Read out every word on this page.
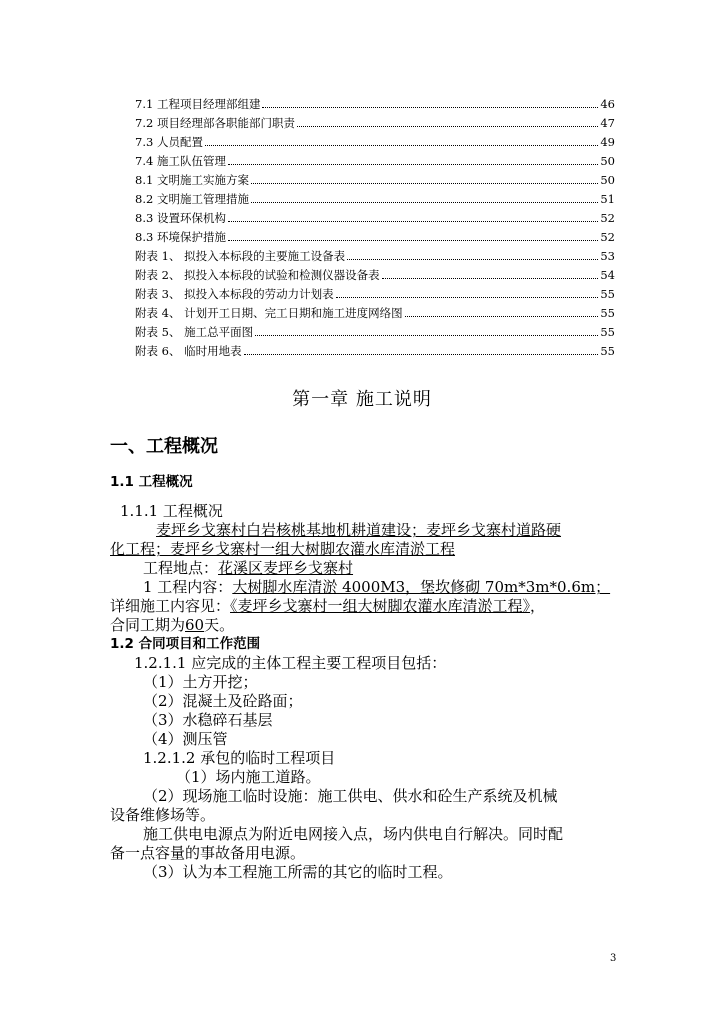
7.1 工程项目经理部组建	46
7.2 项目经理部各职能部门职责	47
7.3 人员配置	49
7.4 施工队伍管理	50
8.1 文明施工实施方案	50
8.2 文明施工管理措施	51
8.3 设置环保机构	52
8.3 环境保护措施	52
附表 1、 拟投入本标段的主要施工设备表	53
附表 2、 拟投入本标段的试验和检测仪器设备表	54
附表 3、 拟投入本标段的劳动力计划表	55
附表 4、 计划开工日期、完工日期和施工进度网络图	55
附表 5、 施工总平面图	55
附表 6、 临时用地表	55
第一章 施工说明
一、工程概况
1.1 工程概况

1.1.1 工程概况

麦坪乡戈寨村白岩核桃基地机耕道建设；麦坪乡戈寨村道路硬

化工程；麦坪乡戈寨村一组大树脚农灌水库清淤工程

工程地点：花溪区麦坪乡戈寨村

1 工程内容：大树脚水库清淤 4000M3，堡坎修砌 70m*3m*0.6m；

详细施工内容见：《麦坪乡戈寨村一组大树脚农灌水库清淤工程》，

合同工期为60天。

1.2 合同项目和工作范围

1.2.1.1 应完成的主体工程主要工程项目包括：

（1）土方开挖；

（2）混凝土及砼路面；

（3）水稳碎石基层

（4）测压管

1.2.1.2 承包的临时工程项目

（1）场内施工道路。

（2）现场施工临时设施：施工供电、供水和砼生产系统及机械

设备维修场等。

施工供电电源点为附近电网接入点，场内供电自行解决。同时配

备一点容量的事故备用电源。

（3）认为本工程施工所需的其它的临时工程。

3
